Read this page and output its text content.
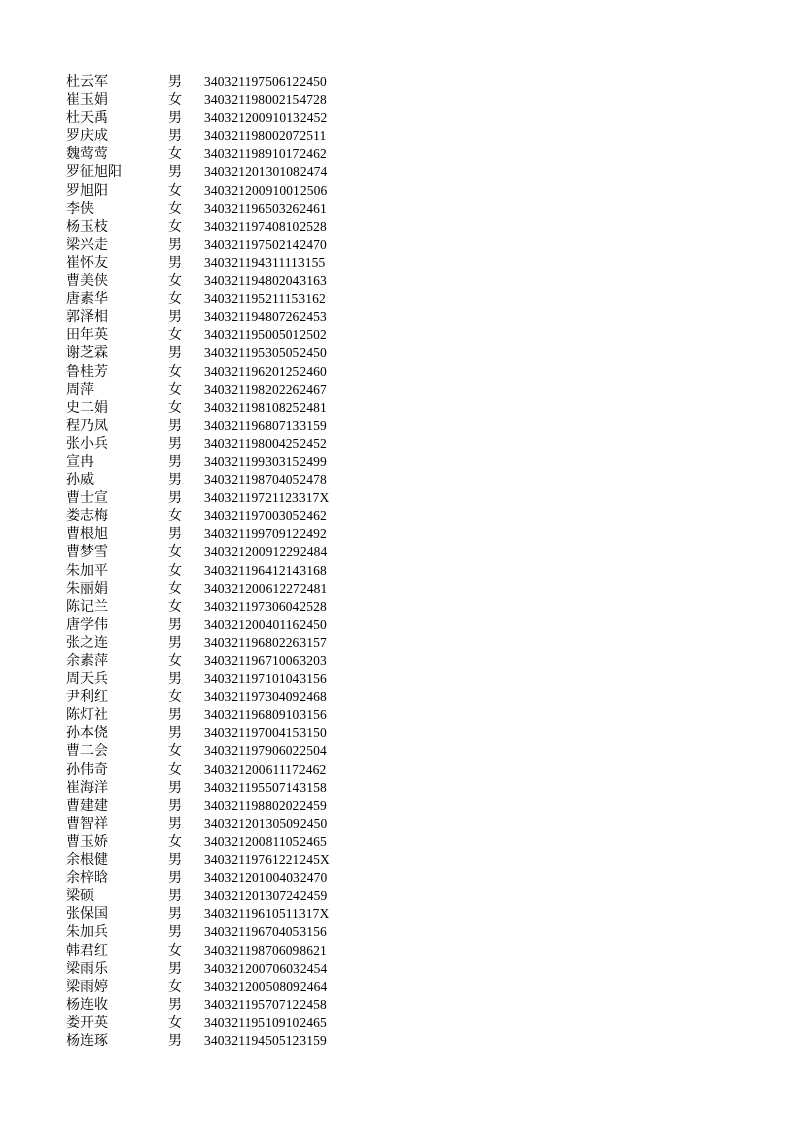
杜云军	男	340321197506122450
崔玉娟	女	340321198002154728
杜天禹	男	340321200910132452
罗庆成	男	340321198002072511
魏莺莺	女	340321198910172462
罗征旭阳	男	340321201301082474
罗旭阳	女	340321200910012506
李侠	女	340321196503262461
杨玉枝	女	340321197408102528
梁兴走	男	340321197502142470
崔怀友	男	340321194311113155
曹美侠	女	340321194802043163
唐素华	女	340321195211153162
郭泽相	男	340321194807262453
田年英	女	340321195005012502
谢芝霖	男	340321195305052450
鲁桂芳	女	340321196201252460
周萍	女	340321198202262467
史二娟	女	340321198108252481
程乃凤	男	340321196807133159
张小兵	男	340321198004252452
宣冉	男	340321199303152499
孙威	男	340321198704052478
曹士宣	男	34032119721123317X
娄志梅	女	340321197003052462
曹根旭	男	340321199709122492
曹梦雪	女	340321200912292484
朱加平	女	340321196412143168
朱丽娟	女	340321200612272481
陈记兰	女	340321197306042528
唐学伟	男	340321200401162450
张之连	男	340321196802263157
余素萍	女	340321196710063203
周天兵	男	340321197101043156
尹利红	女	340321197304092468
陈灯社	男	340321196809103156
孙本侥	男	340321197004153150
曹二会	女	340321197906022504
孙伟奇	女	340321200611172462
崔海洋	男	340321195507143158
曹建建	男	340321198802022459
曹智祥	男	340321201305092450
曹玉娇	女	340321200811052465
余根健	男	34032119761221245X
余梓晗	男	340321201004032470
梁硕	男	340321201307242459
张保国	男	34032119610511317X
朱加兵	男	340321196704053156
韩君红	女	340321198706098621
梁雨乐	男	340321200706032454
梁雨婷	女	340321200508092464
杨连收	男	340321195707122458
娄开英	女	340321195109102465
杨连琢	男	340321194505123159
